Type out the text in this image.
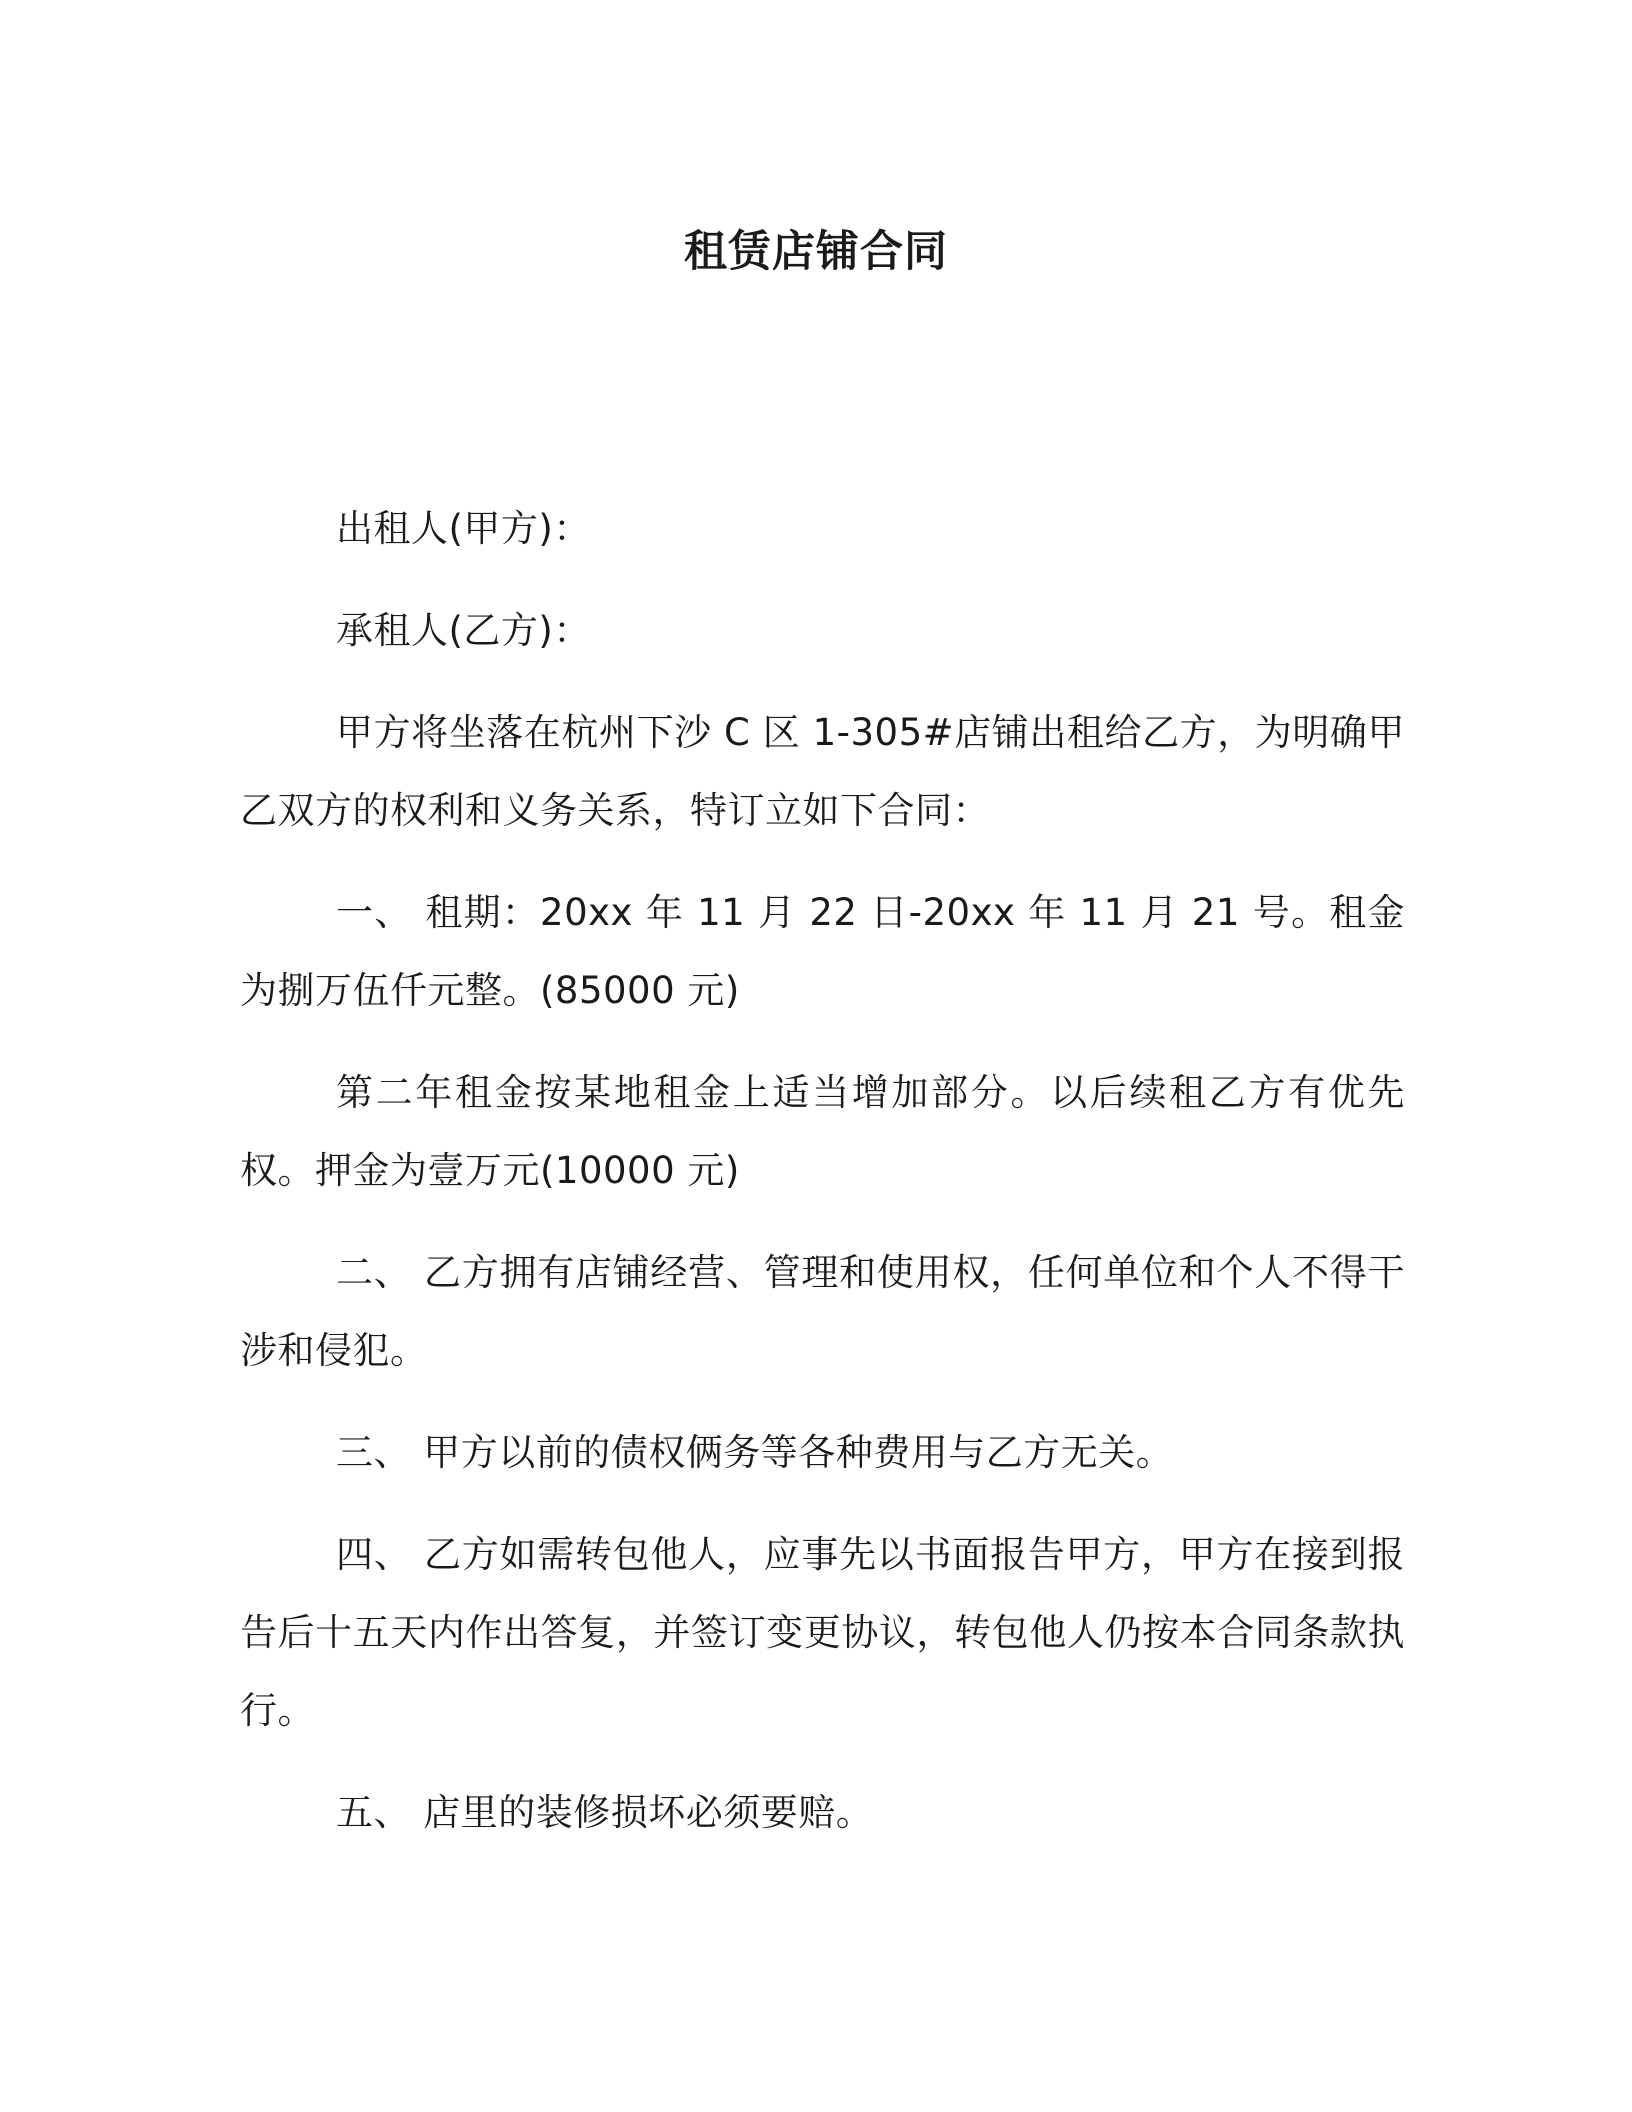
租赁店铺合同

出租人(甲方)：

承租人(乙方)：

甲方将坐落在杭州下沙 C 区 1-305#店铺出租给乙方，为明确甲乙双方的权利和义务关系，特订立如下合同：

一、 租期：20xx 年 11 月 22 日-20xx 年 11 月 21 号。租金为捌万伍仟元整。(85000 元)

第二年租金按某地租金上适当增加部分。以后续租乙方有优先权。押金为壹万元(10000 元)

二、 乙方拥有店铺经营、管理和使用权，任何单位和个人不得干涉和侵犯。

三、 甲方以前的债权俩务等各种费用与乙方无关。

四、 乙方如需转包他人，应事先以书面报告甲方，甲方在接到报告后十五天内作出答复，并签订变更协议，转包他人仍按本合同条款执行。

五、 店里的装修损坏必须要赔。
